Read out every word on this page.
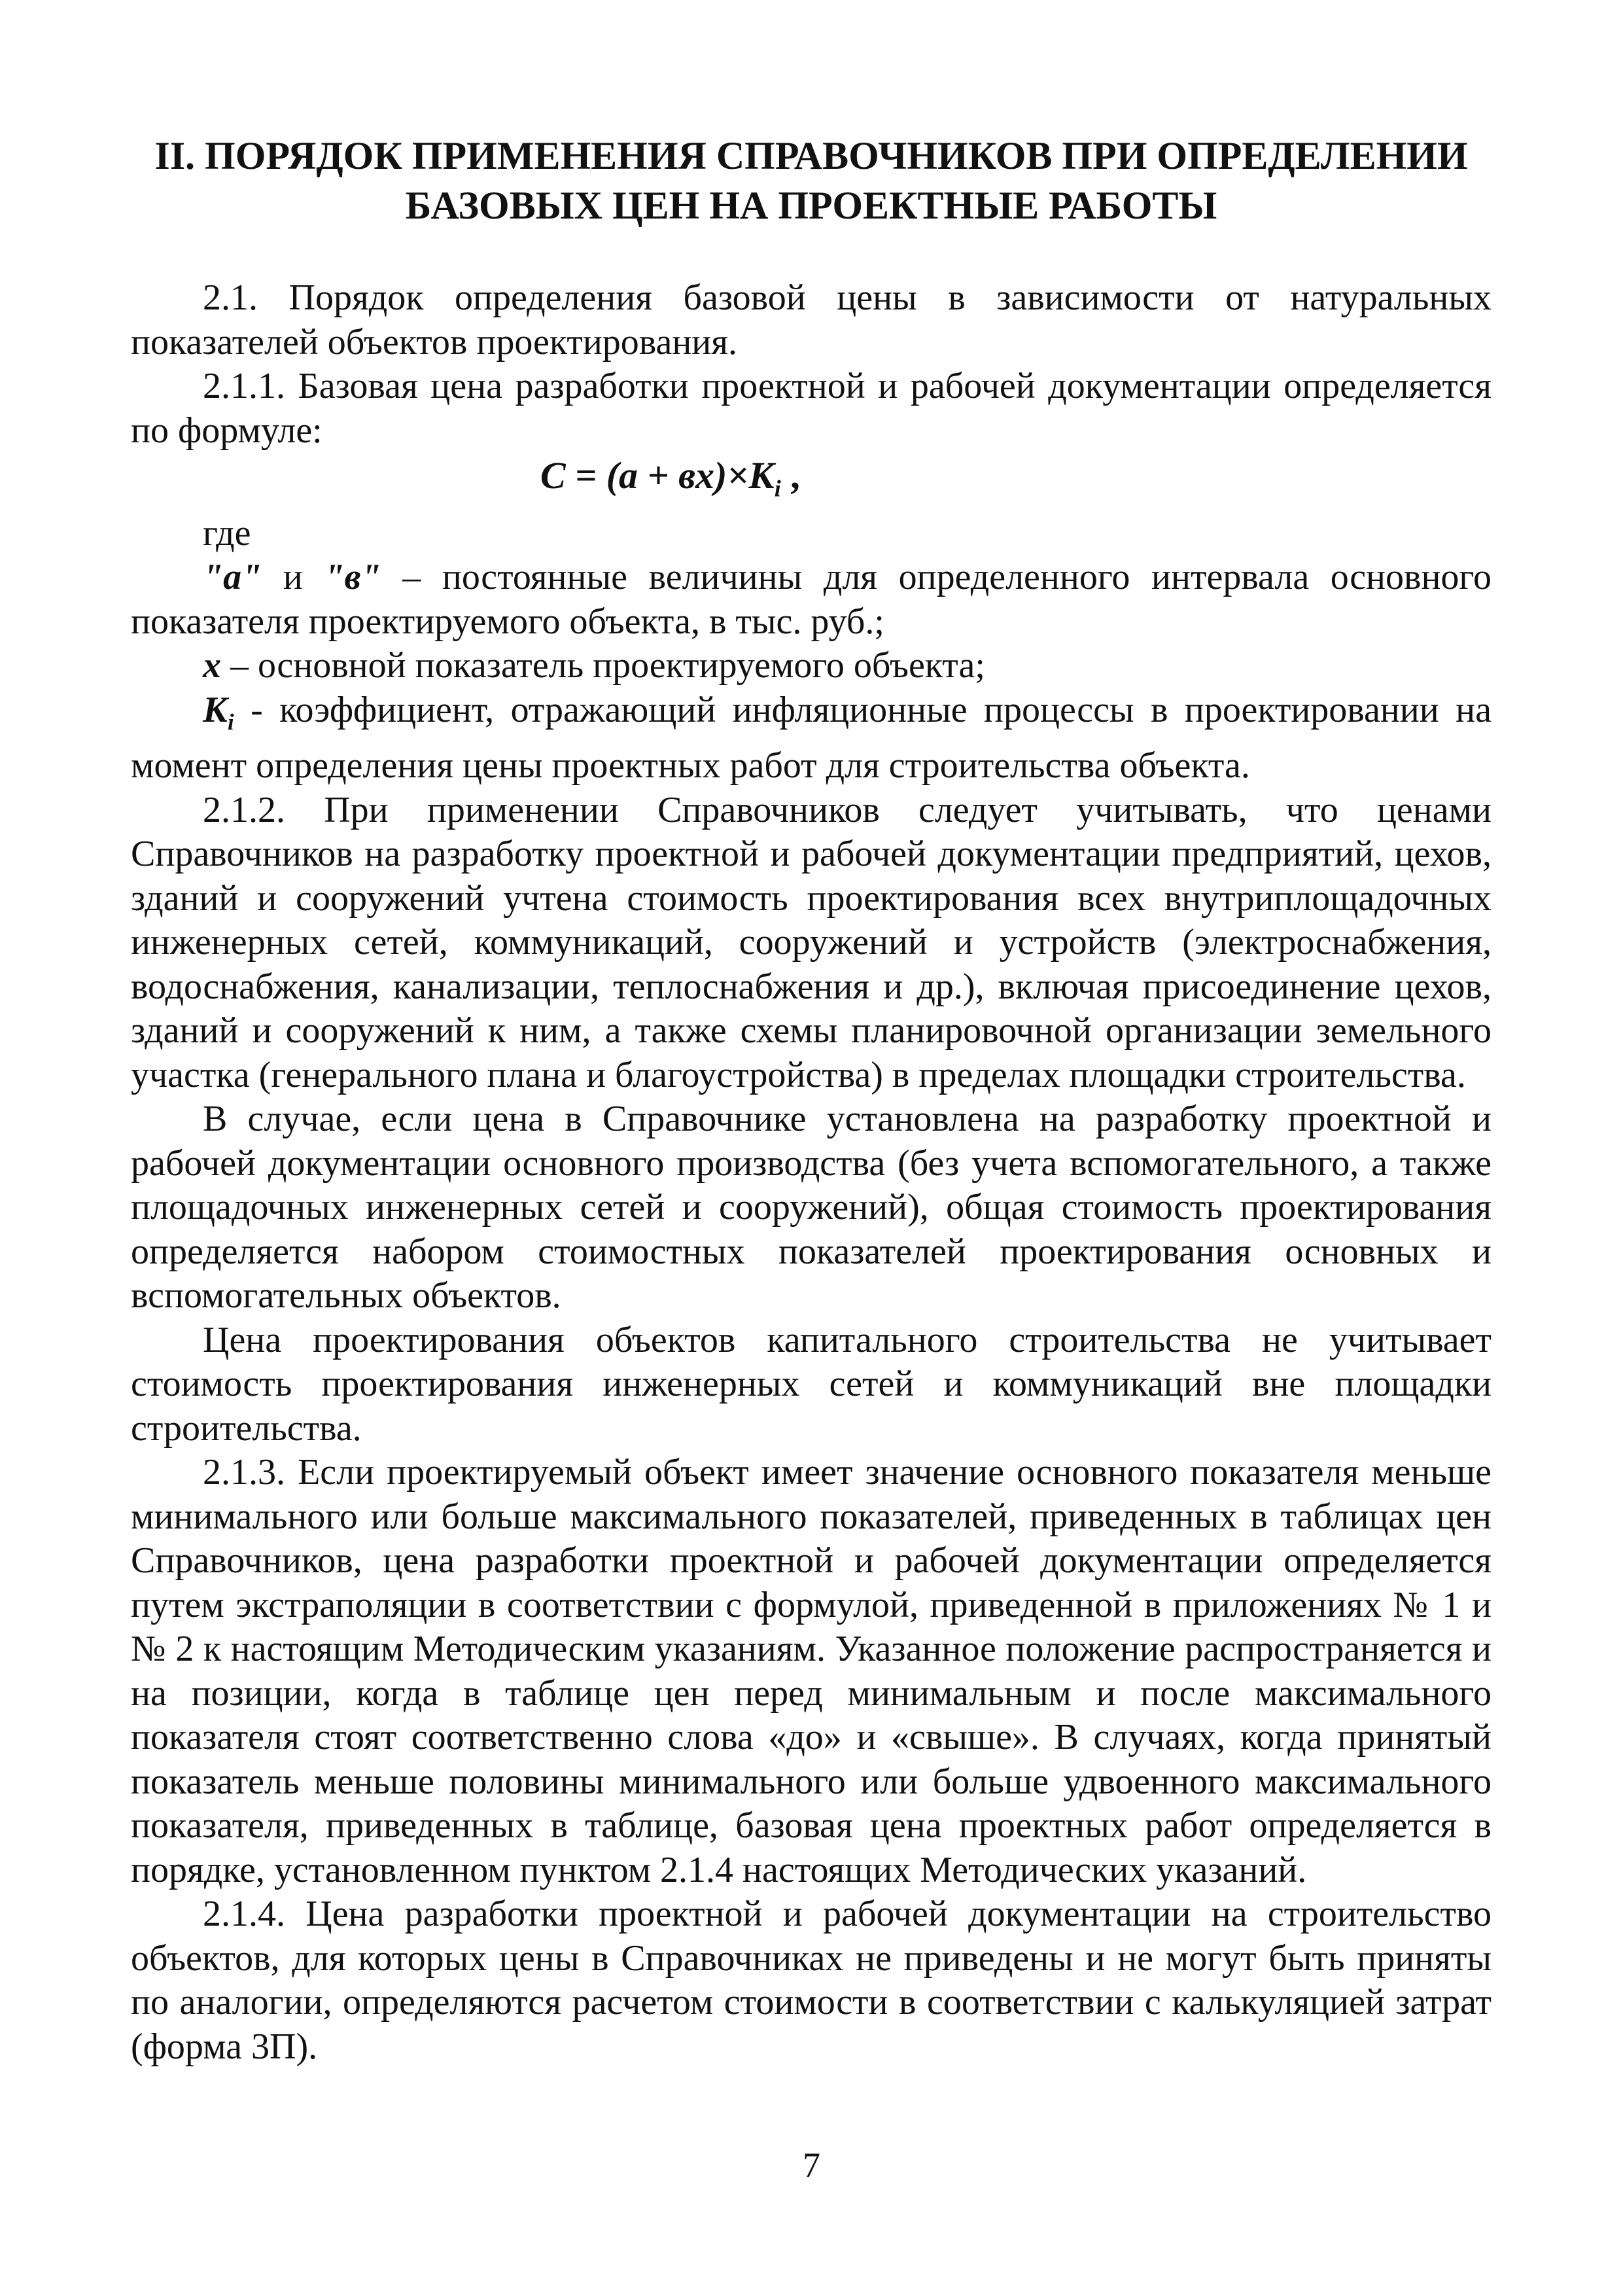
II. ПОРЯДОК ПРИМЕНЕНИЯ СПРАВОЧНИКОВ ПРИ ОПРЕДЕЛЕНИИ
БАЗОВЫХ ЦЕН НА ПРОЕКТНЫЕ РАБОТЫ

2.1. Порядок определения базовой цены в зависимости от натуральных показателей объектов проектирования.

2.1.1. Базовая цена разработки проектной и рабочей документации определяется по формуле:

$С = (а + вх)\times К_i$ ,

где

"а" и "в" – постоянные величины для определенного интервала основного показателя проектируемого объекта, в тыс. руб.;

х – основной показатель проектируемого объекта;

$К_i$ - коэффициент, отражающий инфляционные процессы в проектировании на момент определения цены проектных работ для строительства объекта.

2.1.2. При применении Справочников следует учитывать, что ценами Справочников на разработку проектной и рабочей документации предприятий, цехов, зданий и сооружений учтена стоимость проектирования всех внутриплощадочных инженерных сетей, коммуникаций, сооружений и устройств (электроснабжения, водоснабжения, канализации, теплоснабжения и др.), включая присоединение цехов, зданий и сооружений к ним, а также схемы планировочной организации земельного участка (генерального плана и благоустройства) в пределах площадки строительства.

В случае, если цена в Справочнике установлена на разработку проектной и рабочей документации основного производства (без учета вспомогательного, а также площадочных инженерных сетей и сооружений), общая стоимость проектирования определяется набором стоимостных показателей проектирования основных и вспомогательных объектов.

Цена проектирования объектов капитального строительства не учитывает стоимость проектирования инженерных сетей и коммуникаций вне площадки строительства.

2.1.3. Если проектируемый объект имеет значение основного показателя меньше минимального или больше максимального показателей, приведенных в таблицах цен Справочников, цена разработки проектной и рабочей документации определяется путем экстраполяции в соответствии с формулой, приведенной в приложениях № 1 и № 2 к настоящим Методическим указаниям. Указанное положение распространяется и на позиции, когда в таблице цен перед минимальным и после максимального показателя стоят соответственно слова «до» и «свыше». В случаях, когда принятый показатель меньше половины минимального или больше удвоенного максимального показателя, приведенных в таблице, базовая цена проектных работ определяется в порядке, установленном пунктом 2.1.4 настоящих Методических указаний.

2.1.4. Цена разработки проектной и рабочей документации на строительство объектов, для которых цены в Справочниках не приведены и не могут быть приняты по аналогии, определяются расчетом стоимости в соответствии с калькуляцией затрат (форма 3П).

7
